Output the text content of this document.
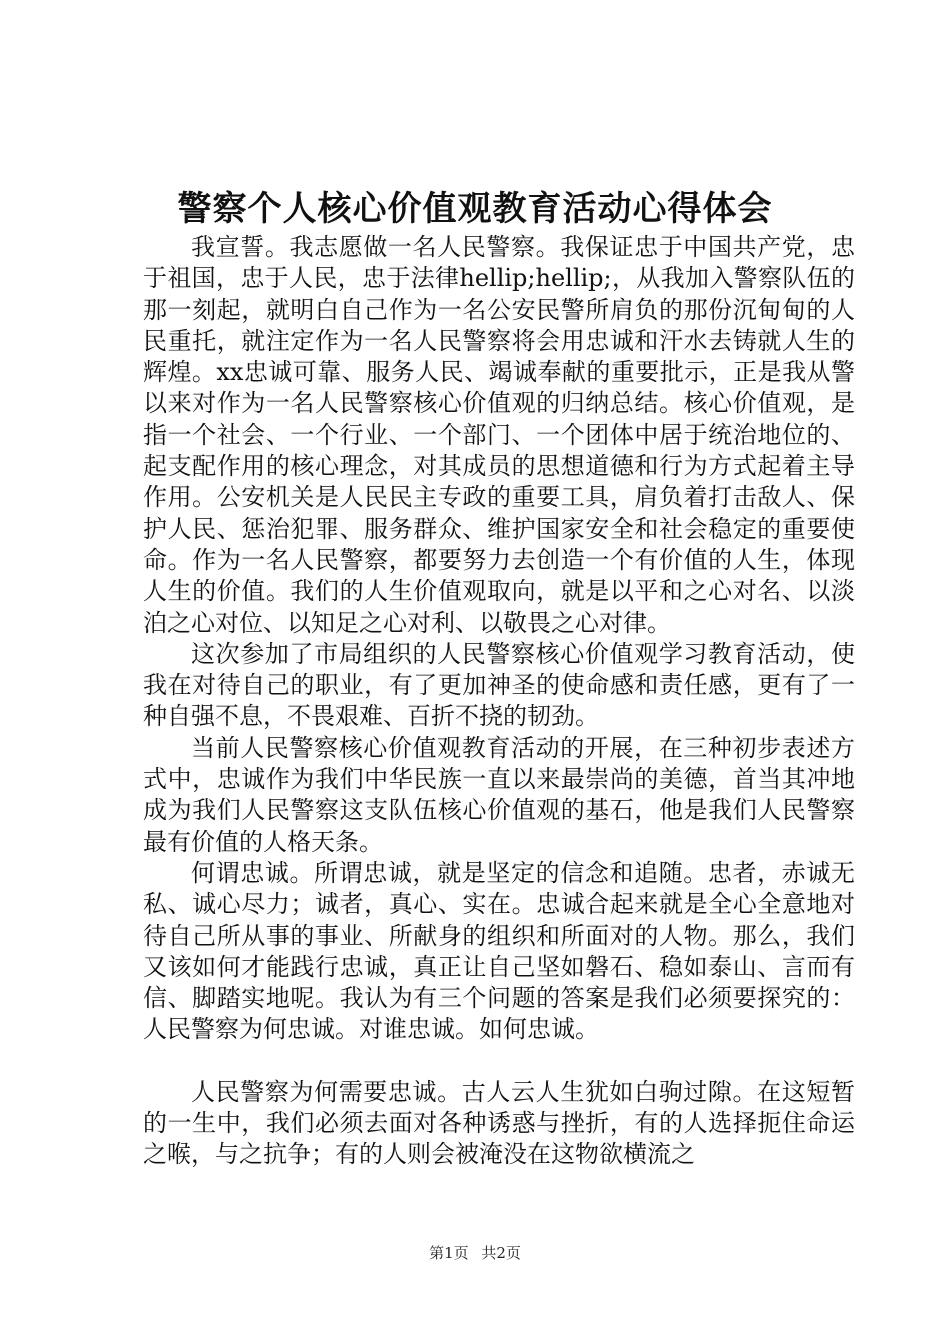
警察个人核心价值观教育活动心得体会

我宣誓。我志愿做一名人民警察。我保证忠于中国共产党，忠于祖国，忠于人民，忠于法律hellip;hellip;，从我加入警察队伍的那一刻起，就明白自己作为一名公安民警所肩负的那份沉甸甸的人民重托，就注定作为一名人民警察将会用忠诚和汗水去铸就人生的辉煌。xx忠诚可靠、服务人民、竭诚奉献的重要批示，正是我从警以来对作为一名人民警察核心价值观的归纳总结。核心价值观，是指一个社会、一个行业、一个部门、一个团体中居于统治地位的、起支配作用的核心理念，对其成员的思想道德和行为方式起着主导作用。公安机关是人民民主专政的重要工具，肩负着打击敌人、保护人民、惩治犯罪、服务群众、维护国家安全和社会稳定的重要使命。作为一名人民警察，都要努力去创造一个有价值的人生，体现人生的价值。我们的人生价值观取向，就是以平和之心对名、以淡泊之心对位、以知足之心对利、以敬畏之心对律。

这次参加了市局组织的人民警察核心价值观学习教育活动，使我在对待自己的职业，有了更加神圣的使命感和责任感，更有了一种自强不息，不畏艰难、百折不挠的韧劲。

当前人民警察核心价值观教育活动的开展，在三种初步表述方式中，忠诚作为我们中华民族一直以来最崇尚的美德，首当其冲地成为我们人民警察这支队伍核心价值观的基石，他是我们人民警察最有价值的人格天条。

何谓忠诚。所谓忠诚，就是坚定的信念和追随。忠者，赤诚无私、诚心尽力；诚者，真心、实在。忠诚合起来就是全心全意地对待自己所从事的事业、所献身的组织和所面对的人物。那么，我们又该如何才能践行忠诚，真正让自己坚如磐石、稳如泰山、言而有信、脚踏实地呢。我认为有三个问题的答案是我们必须要探究的：人民警察为何忠诚。对谁忠诚。如何忠诚。

人民警察为何需要忠诚。古人云人生犹如白驹过隙。在这短暂的一生中，我们必须去面对各种诱惑与挫折，有的人选择扼住命运之喉，与之抗争；有的人则会被淹没在这物欲横流之

第1页 共2页
